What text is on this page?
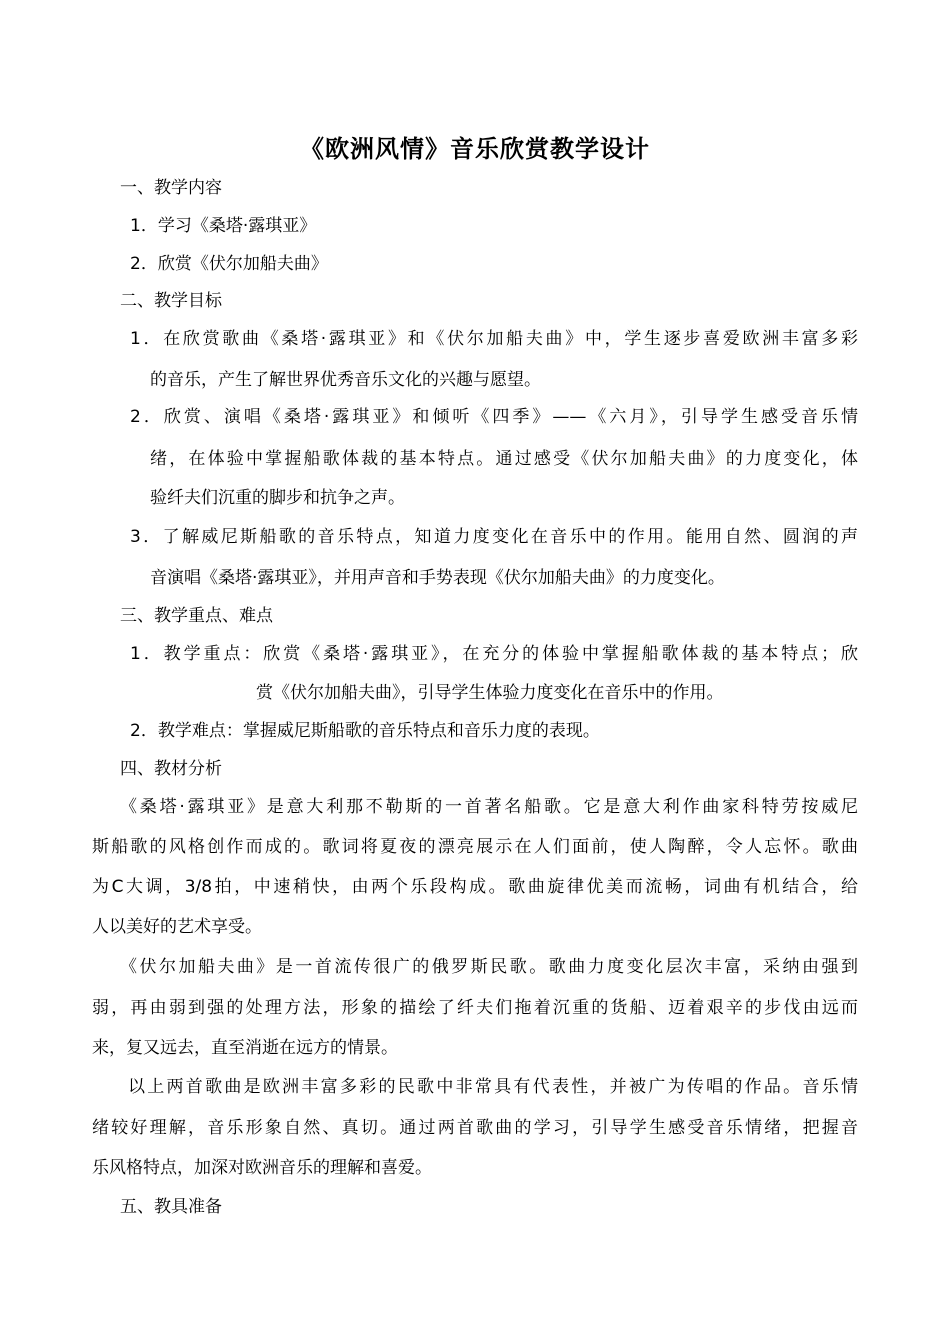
《欧洲风情》音乐欣赏教学设计
一、教学内容
1．学习《桑塔·露琪亚》
2．欣赏《伏尔加船夫曲》
二、教学目标
1．在欣赏歌曲《桑塔·露琪亚》和《伏尔加船夫曲》中，学生逐步喜爱欧洲丰富多彩
的音乐，产生了解世界优秀音乐文化的兴趣与愿望。
2．欣赏、演唱《桑塔·露琪亚》和倾听《四季》——《六月》，引导学生感受音乐情
绪，在体验中掌握船歌体裁的基本特点。通过感受《伏尔加船夫曲》的力度变化，体
验纤夫们沉重的脚步和抗争之声。
3．了解威尼斯船歌的音乐特点，知道力度变化在音乐中的作用。能用自然、圆润的声
音演唱《桑塔·露琪亚》，并用声音和手势表现《伏尔加船夫曲》的力度变化。
三、教学重点、难点
1．教学重点：欣赏《桑塔·露琪亚》，在充分的体验中掌握船歌体裁的基本特点；欣
赏《伏尔加船夫曲》，引导学生体验力度变化在音乐中的作用。
2．教学难点：掌握威尼斯船歌的音乐特点和音乐力度的表现。
四、教材分析
《桑塔·露琪亚》是意大利那不勒斯的一首著名船歌。它是意大利作曲家科特劳按威尼
斯船歌的风格创作而成的。歌词将夏夜的漂亮展示在人们面前，使人陶醉，令人忘怀。歌曲
为C大调，3/8拍，中速稍快，由两个乐段构成。歌曲旋律优美而流畅，词曲有机结合，给
人以美好的艺术享受。
《伏尔加船夫曲》是一首流传很广的俄罗斯民歌。歌曲力度变化层次丰富，采纳由强到
弱，再由弱到强的处理方法，形象的描绘了纤夫们拖着沉重的货船、迈着艰辛的步伐由远而
来，复又远去，直至消逝在远方的情景。
以上两首歌曲是欧洲丰富多彩的民歌中非常具有代表性，并被广为传唱的作品。音乐情
绪较好理解，音乐形象自然、真切。通过两首歌曲的学习，引导学生感受音乐情绪，把握音
乐风格特点，加深对欧洲音乐的理解和喜爱。
五、教具准备
